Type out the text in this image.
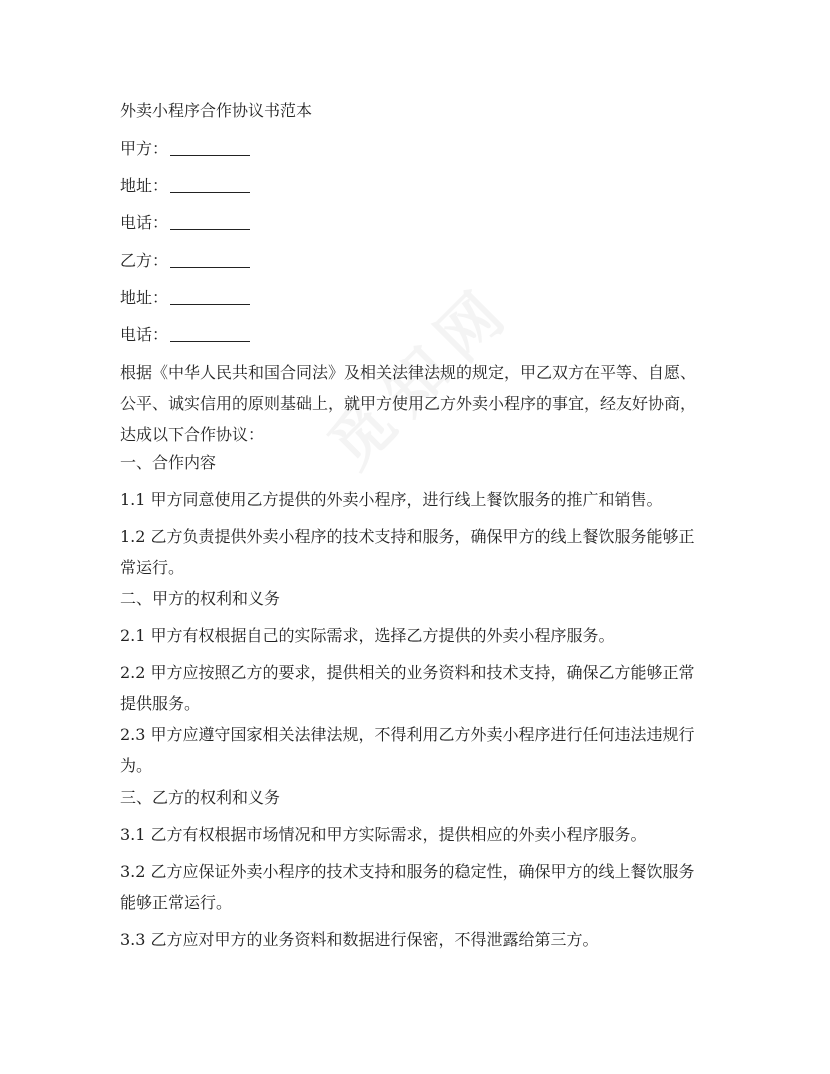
外卖小程序合作协议书范本
甲方：
地址：
电话：
乙方：
地址：
电话：
根据《中华人民共和国合同法》及相关法律法规的规定，甲乙双方在平等、自愿、
公平、诚实信用的原则基础上，就甲方使用乙方外卖小程序的事宜，经友好协商，
达成以下合作协议：
一、合作内容
1.1 甲方同意使用乙方提供的外卖小程序，进行线上餐饮服务的推广和销售。
1.2 乙方负责提供外卖小程序的技术支持和服务，确保甲方的线上餐饮服务能够正
常运行。
二、甲方的权利和义务
2.1 甲方有权根据自己的实际需求，选择乙方提供的外卖小程序服务。
2.2 甲方应按照乙方的要求，提供相关的业务资料和技术支持，确保乙方能够正常
提供服务。
2.3 甲方应遵守国家相关法律法规，不得利用乙方外卖小程序进行任何违法违规行
为。
三、乙方的权利和义务
3.1 乙方有权根据市场情况和甲方实际需求，提供相应的外卖小程序服务。
3.2 乙方应保证外卖小程序的技术支持和服务的稳定性，确保甲方的线上餐饮服务
能够正常运行。
3.3 乙方应对甲方的业务资料和数据进行保密，不得泄露给第三方。
